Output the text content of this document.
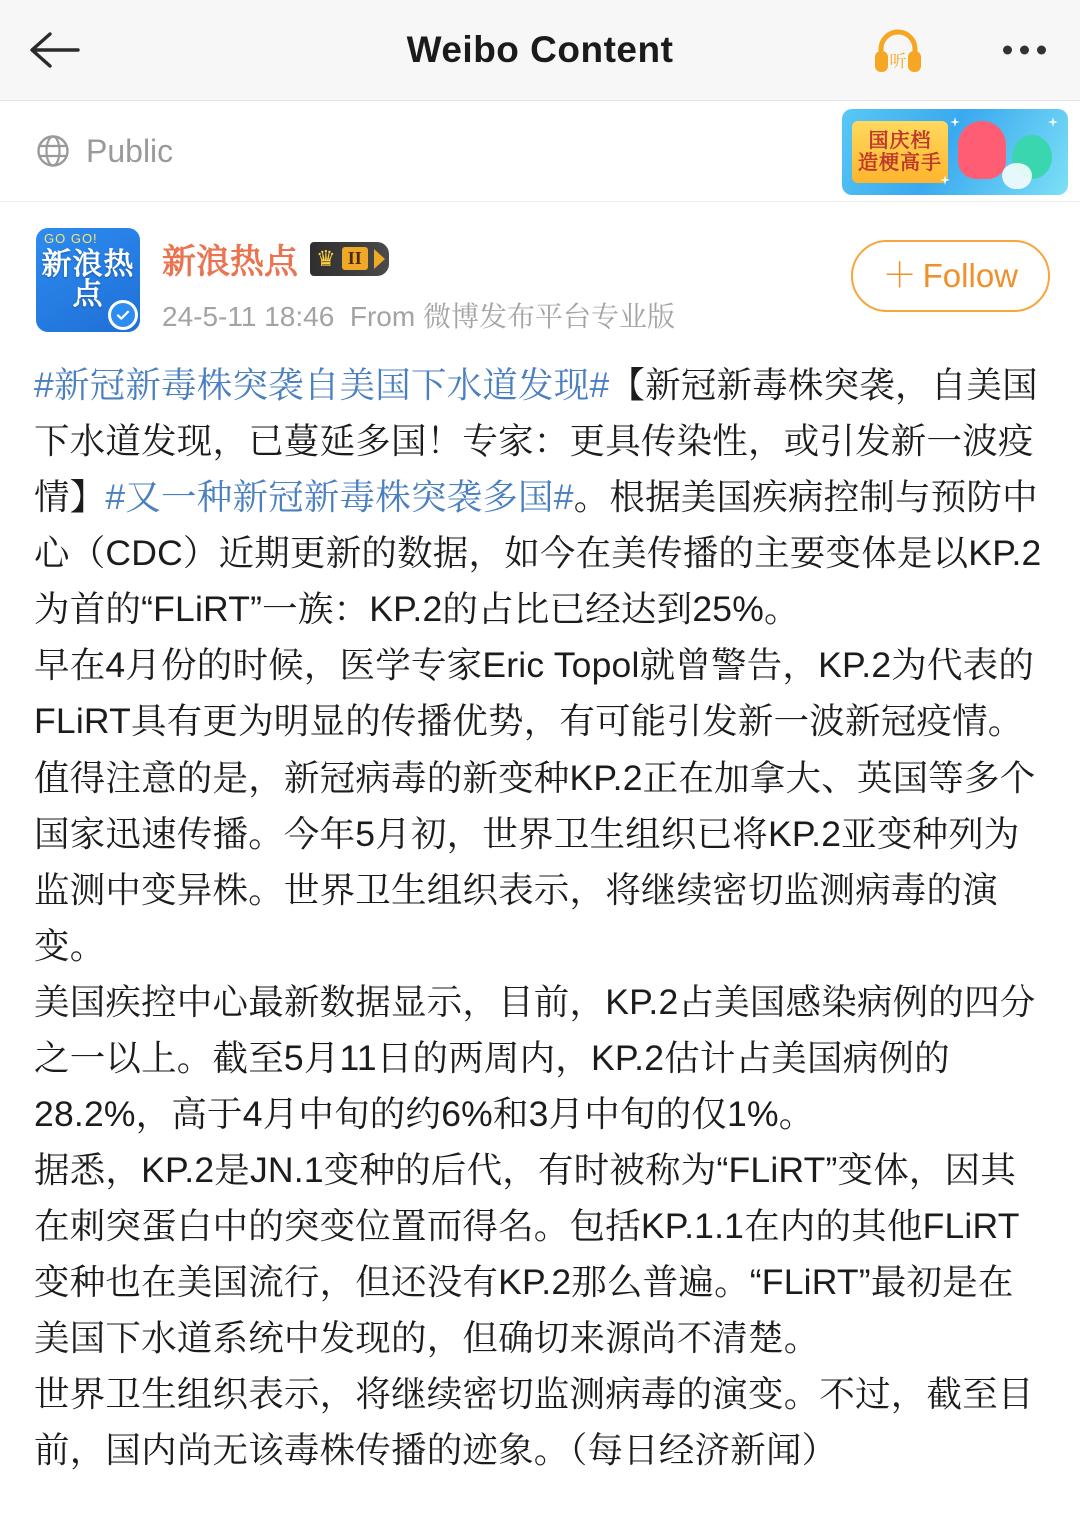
Weibo Content	听
Public	国庆档
造梗高手
GO GO!
新浪热点
新浪热点 ♛ II
24-5-11 18:46 From 微博发布平台专业版
＋ Follow

#新冠新毒株突袭自美国下水道发现#【新冠新毒株突袭，自美国下水道发现，已蔓延多国！专家：更具传染性，或引发新一波疫情】#又一种新冠新毒株突袭多国#。根据美国疾病控制与预防中心（CDC）近期更新的数据，如今在美传播的主要变体是以KP.2为首的“FLiRT”一族：KP.2的占比已经达到25%。

早在4月份的时候，医学专家Eric Topol就曾警告，KP.2为代表的FLiRT具有更为明显的传播优势，有可能引发新一波新冠疫情。

值得注意的是，新冠病毒的新变种KP.2正在加拿大、英国等多个国家迅速传播。今年5月初，世界卫生组织已将KP.2亚变种列为监测中变异株。世界卫生组织表示，将继续密切监测病毒的演变。

美国疾控中心最新数据显示，目前，KP.2占美国感染病例的四分之一以上。截至5月11日的两周内，KP.2估计占美国病例的28.2%，高于4月中旬的约6%和3月中旬的仅1%。

据悉，KP.2是JN.1变种的后代，有时被称为“FLiRT”变体，因其在刺突蛋白中的突变位置而得名。包括KP.1.1在内的其他FLiRT变种也在美国流行，但还没有KP.2那么普遍。“FLiRT”最初是在美国下水道系统中发现的，但确切来源尚不清楚。

世界卫生组织表示，将继续密切监测病毒的演变。不过，截至目前，国内尚无该毒株传播的迹象。（每日经济新闻）
